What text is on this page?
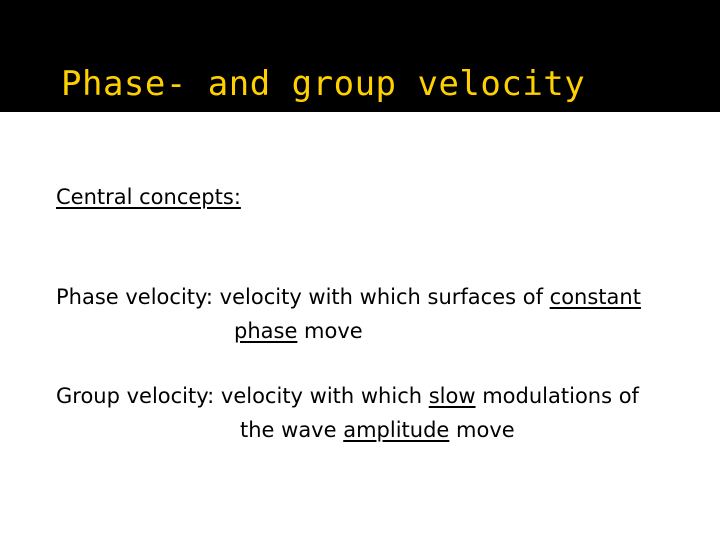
Phase- and group velocity

Central concepts:

Phase velocity: velocity with which surfaces of constant
phase move

Group velocity: velocity with which slow modulations of
the wave amplitude move
